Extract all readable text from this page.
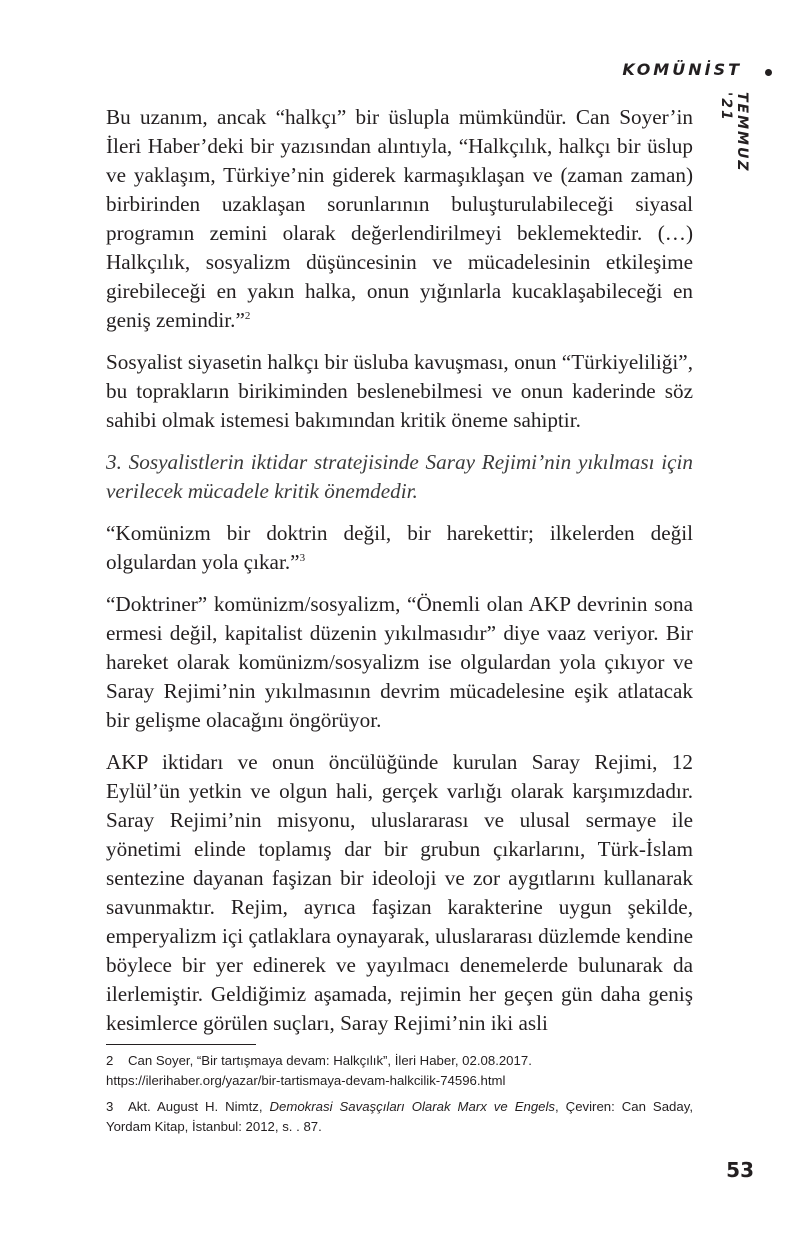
KOMÜNİST
TEMMUZ '21

Bu uzanım, ancak “halkçı” bir üslupla mümkündür. Can Soyer’in İleri Haber’deki bir yazısından alıntıyla, “Halkçılık, halkçı bir üslup ve yaklaşım, Türkiye’nin giderek karmaşıklaşan ve (zaman zaman) birbirinden uzaklaşan sorunlarının buluşturulabileceği siyasal programın zemini olarak değerlendirilmeyi beklemektedir. (…) Halkçılık, sosyalizm düşüncesinin ve mücadelesinin etkileşime girebileceği en yakın halka, onun yığınlarla kucaklaşabileceği en geniş zemindir.”$^2$

Sosyalist siyasetin halkçı bir üsluba kavuşması, onun “Türkiyeliliği”, bu toprakların birikiminden beslenebilmesi ve onun kaderinde söz sahibi olmak istemesi bakımından kritik öneme sahiptir.

3. Sosyalistlerin iktidar stratejisinde Saray Rejimi’nin yıkılması için verilecek mücadele kritik önemdedir.

“Komünizm bir doktrin değil, bir harekettir; ilkelerden değil olgulardan yola çıkar.”$^3$

“Doktriner” komünizm/sosyalizm, “Önemli olan AKP devrinin sona ermesi değil, kapitalist düzenin yıkılmasıdır” diye vaaz veriyor. Bir hareket olarak komünizm/sosyalizm ise olgulardan yola çıkıyor ve Saray Rejimi’nin yıkılmasının devrim mücadelesine eşik atlatacak bir gelişme olacağını öngörüyor.

AKP iktidarı ve onun öncülüğünde kurulan Saray Rejimi, 12 Eylül’ün yetkin ve olgun hali, gerçek varlığı olarak karşımızdadır. Saray Rejimi’nin misyonu, uluslararası ve ulusal sermaye ile yönetimi elinde toplamış dar bir grubun çıkarlarını, Türk-İslam sentezine dayanan faşizan bir ideoloji ve zor aygıtlarını kullanarak savunmaktır. Rejim, ayrıca faşizan karakterine uygun şekilde, emperyalizm içi çatlaklara oynayarak, uluslararası düzlemde kendine böylece bir yer edinerek ve yayılmacı denemelerde bulunarak da ilerlemiştir. Geldiğimiz aşamada, rejimin her geçen gün daha geniş kesimlerce görülen suçları, Saray Rejimi’nin iki asli

2 Can Soyer, “Bir tartışmaya devam: Halkçılık”, İleri Haber, 02.08.2017.
https://ilerihaber.org/yazar/bir-tartismaya-devam-halkcilik-74596.html
3 Akt. August H. Nimtz, Demokrasi Savaşçıları Olarak Marx ve Engels, Çeviren: Can Saday, Yordam Kitap, İstanbul: 2012, s. . 87.
53
